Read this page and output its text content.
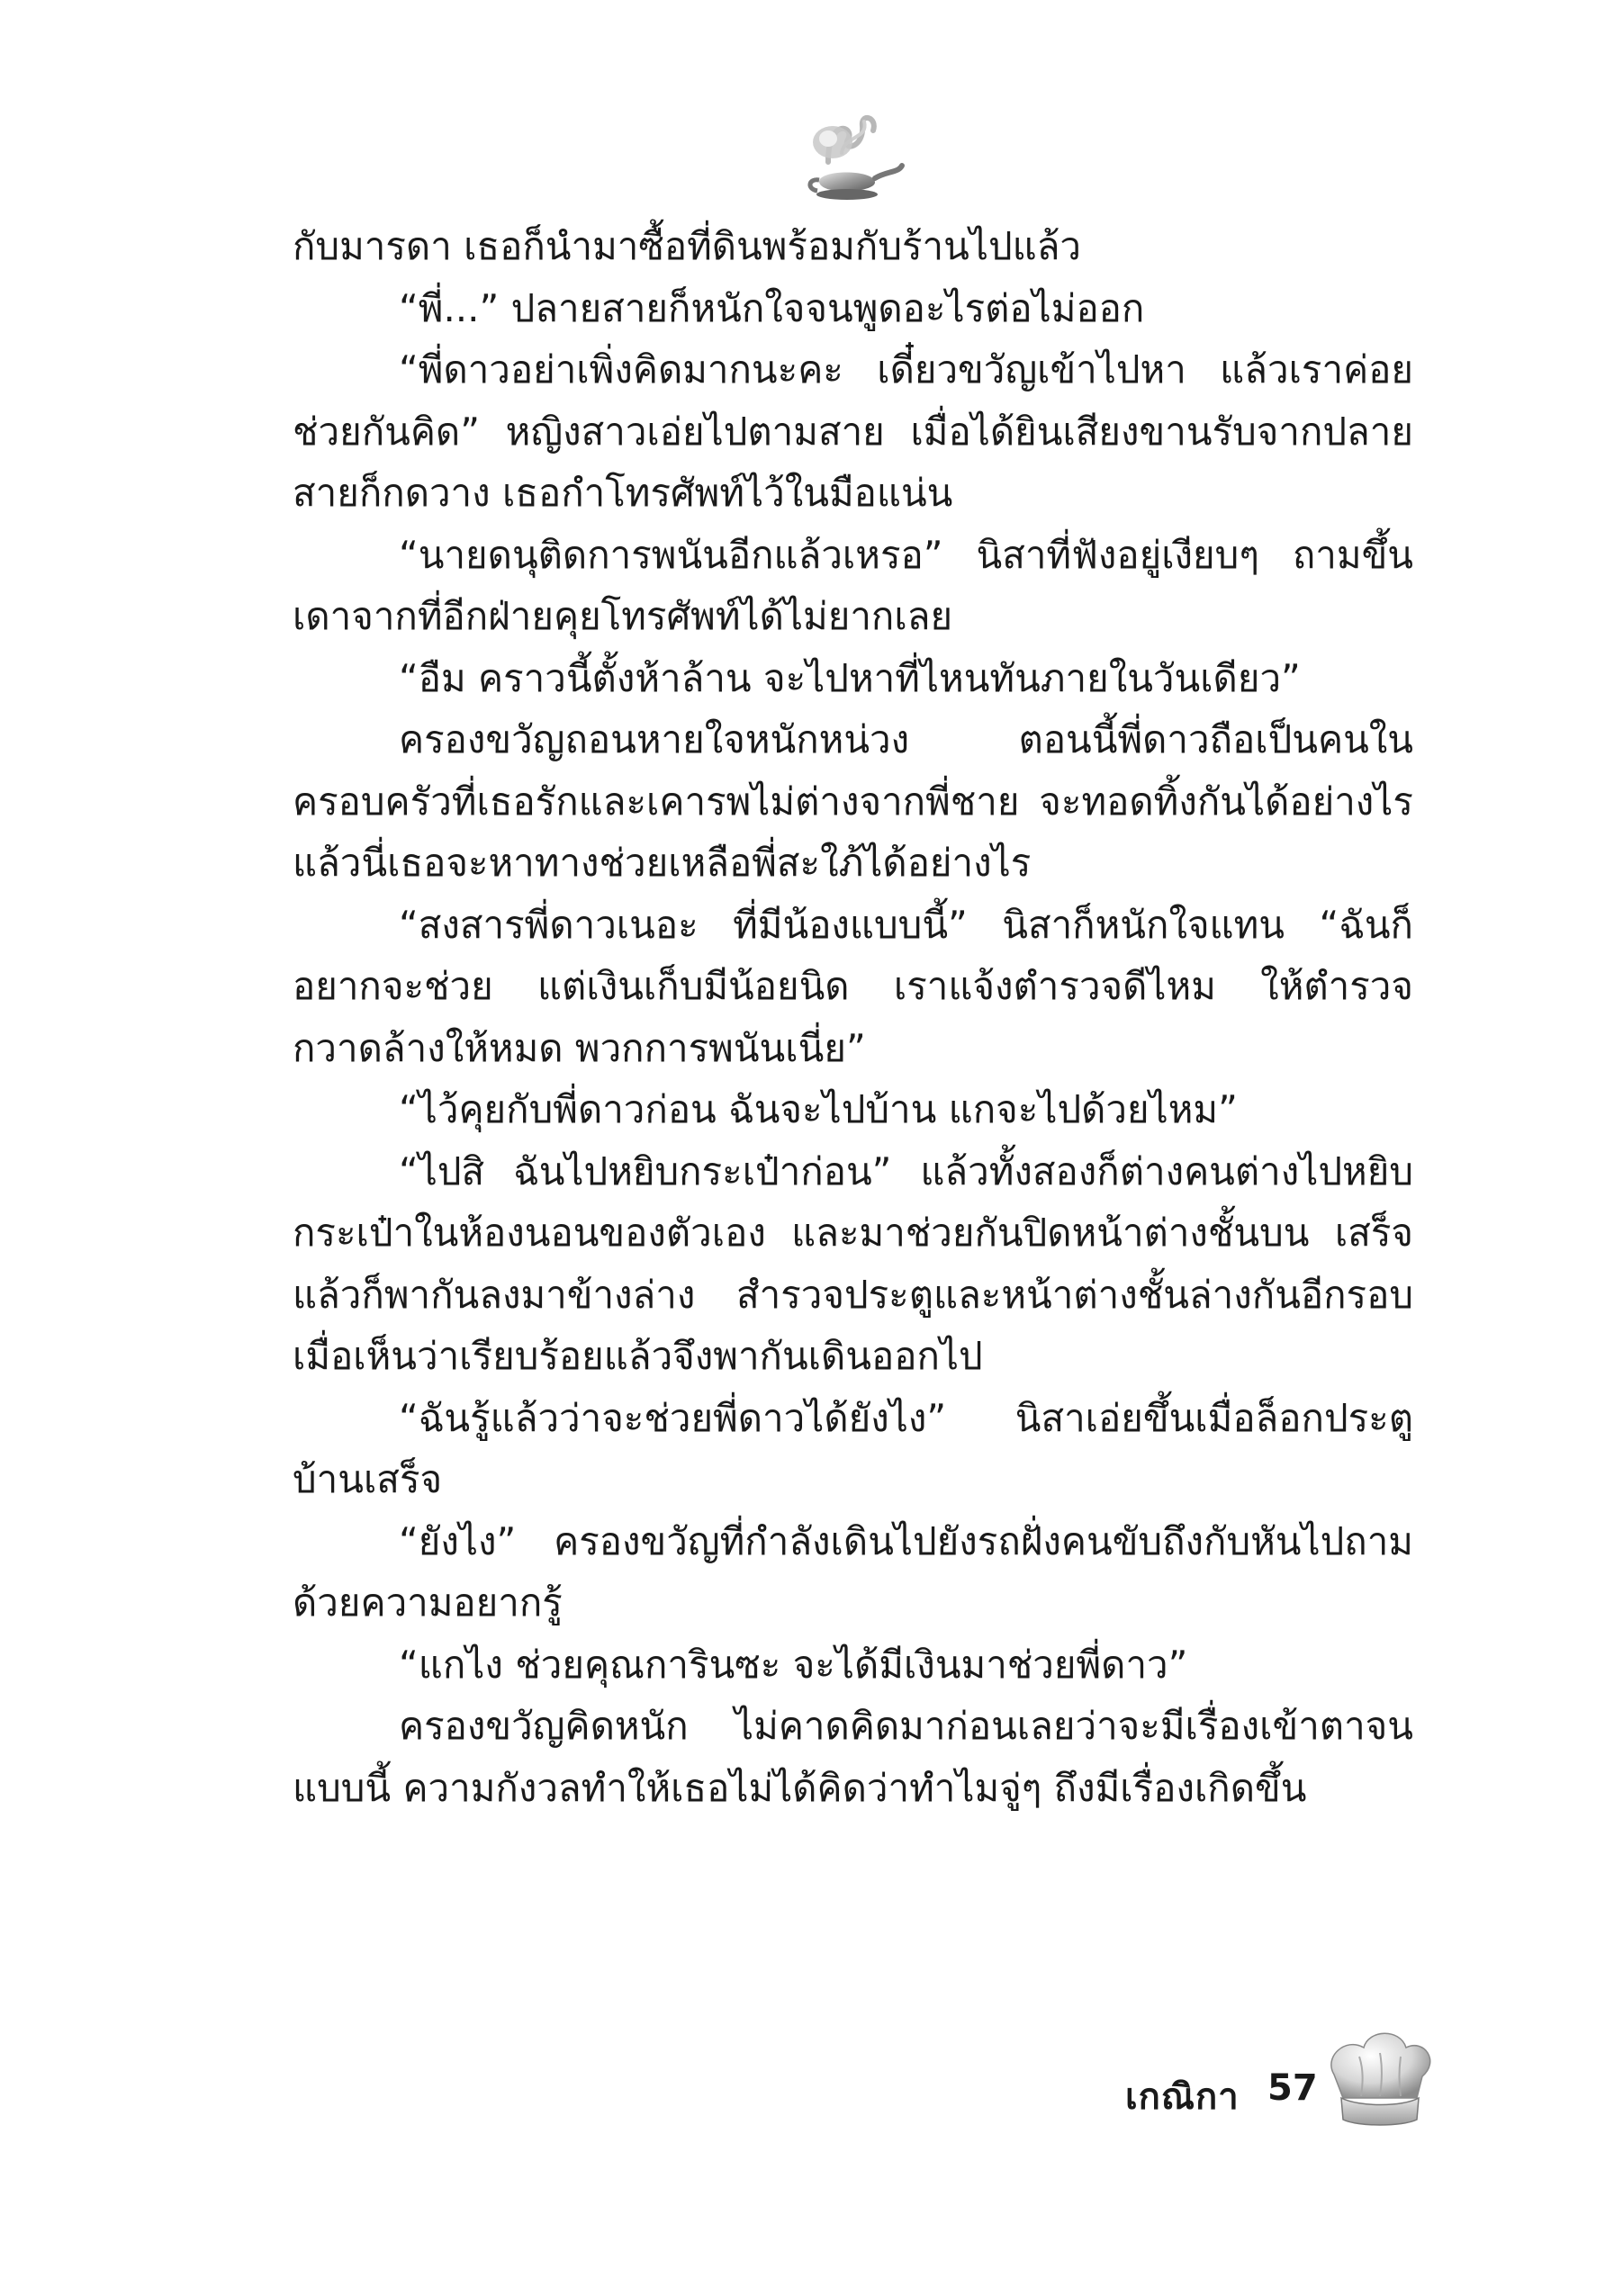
กับมารดา เธอก็นำมาซื้อที่ดินพร้อมกับร้านไปแล้ว

“พี่...” ปลายสายก็หนักใจจนพูดอะไรต่อไม่ออก

“พี่ดาวอย่าเพิ่งคิดมากนะคะ เดี๋ยวขวัญเข้าไปหา แล้วเราค่อยช่วยกันคิด” หญิงสาวเอ่ยไปตามสาย เมื่อได้ยินเสียงขานรับจากปลายสายก็กดวาง เธอกำโทรศัพท์ไว้ในมือแน่น

“นายดนุติดการพนันอีกแล้วเหรอ” นิสาที่ฟังอยู่เงียบๆ ถามขึ้นเดาจากที่อีกฝ่ายคุยโทรศัพท์ได้ไม่ยากเลย

“อืม คราวนี้ตั้งห้าล้าน จะไปหาที่ไหนทันภายในวันเดียว”

ครองขวัญถอนหายใจหนักหน่วง ตอนนี้พี่ดาวถือเป็นคนในครอบครัวที่เธอรักและเคารพไม่ต่างจากพี่ชาย จะทอดทิ้งกันได้อย่างไร แล้วนี่เธอจะหาทางช่วยเหลือพี่สะใภ้ได้อย่างไร

“สงสารพี่ดาวเนอะ ที่มีน้องแบบนี้” นิสาก็หนักใจแทน “ฉันก็อยากจะช่วย แต่เงินเก็บมีน้อยนิด เราแจ้งตำรวจดีไหม ให้ตำรวจกวาดล้างให้หมด พวกการพนันเนี่ย”

“ไว้คุยกับพี่ดาวก่อน ฉันจะไปบ้าน แกจะไปด้วยไหม”

“ไปสิ ฉันไปหยิบกระเป๋าก่อน” แล้วทั้งสองก็ต่างคนต่างไปหยิบกระเป๋าในห้องนอนของตัวเอง และมาช่วยกันปิดหน้าต่างชั้นบน เสร็จแล้วก็พากันลงมาข้างล่าง สำรวจประตูและหน้าต่างชั้นล่างกันอีกรอบ เมื่อเห็นว่าเรียบร้อยแล้วจึงพากันเดินออกไป

“ฉันรู้แล้วว่าจะช่วยพี่ดาวได้ยังไง” นิสาเอ่ยขึ้นเมื่อล็อกประตูบ้านเสร็จ

“ยังไง” ครองขวัญที่กำลังเดินไปยังรถฝั่งคนขับถึงกับหันไปถามด้วยความอยากรู้

“แกไง ช่วยคุณการินซะ จะได้มีเงินมาช่วยพี่ดาว”

ครองขวัญคิดหนัก ไม่คาดคิดมาก่อนเลยว่าจะมีเรื่องเข้าตาจนแบบนี้ ความกังวลทำให้เธอไม่ได้คิดว่าทำไมจู่ๆ ถึงมีเรื่องเกิดขึ้น

เกณิกา 57
